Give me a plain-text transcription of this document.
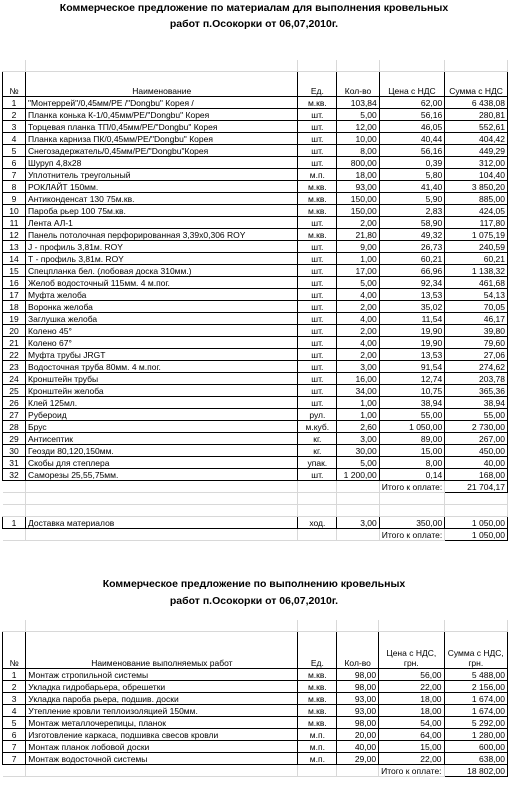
Коммерческое предложение по материалам для выполнения кровельных
работ п.Осокорки от 06,07,2010г.

№	Наименование	Ед.	Кол-во	Цена с НДС	Сумма с НДС
1	"Монтеррей"/0,45мм/PE /"Dongbu" Корея /	м.кв.	103,84	62,00	6 438,08
2	Планка конька К-1/0,45мм/PE/"Dongbu" Корея	шт.	5,00	56,16	280,81
3	Торцевая планка ТП/0,45мм/PE/"Dongbu" Корея	шт.	12,00	46,05	552,61
4	Планка карниза ПК/0,45мм/PE/"Dongbu" Корея	шт.	10,00	40,44	404,42
5	Снегозадержатель/0,45мм/PE/"Dongbu"Корея	шт.	8,00	56,16	449,29
6	Шуруп 4,8х28	шт.	800,00	0,39	312,00
7	Уплотнитель треугольный	м.п.	18,00	5,80	104,40
8	РОКЛАЙТ 150мм.	м.кв.	93,00	41,40	3 850,20
9	Антиконденсат 130 75м.кв.	м.кв.	150,00	5,90	885,00
10	Пароба рьер 100 75м.кв.	м.кв.	150,00	2,83	424,05
11	Лента АЛ-1	шт.	2,00	58,90	117,80
12	Панель потолочная перфорированная 3,39х0,306 ROY	м.кв.	21,80	49,32	1 075,19
13	J - профиль 3,81м. ROY	шт.	9,00	26,73	240,59
14	Т - профиль 3,81м. ROY	шт.	1,00	60,21	60,21
15	Спецпланка бел. (лобовая доска 310мм.)	шт.	17,00	66,96	1 138,32
16	Желоб водосточный 115мм. 4 м.пог.	шт.	5,00	92,34	461,68
17	Муфта желоба	шт.	4,00	13,53	54,13
18	Воронка желоба	шт.	2,00	35,02	70,05
19	Заглушка желоба	шт.	4,00	11,54	46,17
20	Колено 45°	шт.	2,00	19,90	39,80
21	Колено 67°	шт.	4,00	19,90	79,60
22	Муфта трубы JRGT	шт.	2,00	13,53	27,06
23	Водосточная труба 80мм. 4 м.пог.	шт.	3,00	91,54	274,62
24	Кронштейн трубы	шт.	16,00	12,74	203,78
25	Кронштейн желоба	шт.	34,00	10,75	365,36
26	Клей 125мл.	шт.	1,00	38,94	38,94
27	Рубероид	рул.	1,00	55,00	55,00
28	Брус	м.куб.	2,60	1 050,00	2 730,00
29	Антисептик	кг.	3,00	89,00	267,00
30	Геозди 80,120,150мм.	кг.	30,00	15,00	450,00
31	Скобы для степлера	упак.	5,00	8,00	40,00
32	Саморезы 25,55,75мм.	шт.	1 200,00	0,14	168,00
				Итого к оплате:	21 704,17

1	Доставка материалов	ход.	3,00	350,00	1 050,00
				Итого к оплате:	1 050,00
Коммерческое предложение по выполнению кровельных
работ п.Осокорки от 06,07,2010г.

№	Наименование выполняемых работ	Ед.	Кол-во	Цена с НДС, грн.	Сумма с НДС, грн.
1	Монтаж стропильной системы	м.кв.	98,00	56,00	5 488,00
2	Укладка гидробарьера, обрешетки	м.кв.	98,00	22,00	2 156,00
3	Укладка пароба рьера, подшив. доски	м.кв.	93,00	18,00	1 674,00
4	Утепление кровли теплоизоляцией 150мм.	м.кв.	93,00	18,00	1 674,00
5	Монтаж металлочерепицы, планок	м.кв.	98,00	54,00	5 292,00
6	Изготовление каркаса, подшивка свесов кровли	м.п.	20,00	64,00	1 280,00
7	Монтаж планок лобовой доски	м.п.	40,00	15,00	600,00
7	Монтаж водосточной системы	м.п.	29,00	22,00	638,00
				Итого к оплате:	18 802,00
